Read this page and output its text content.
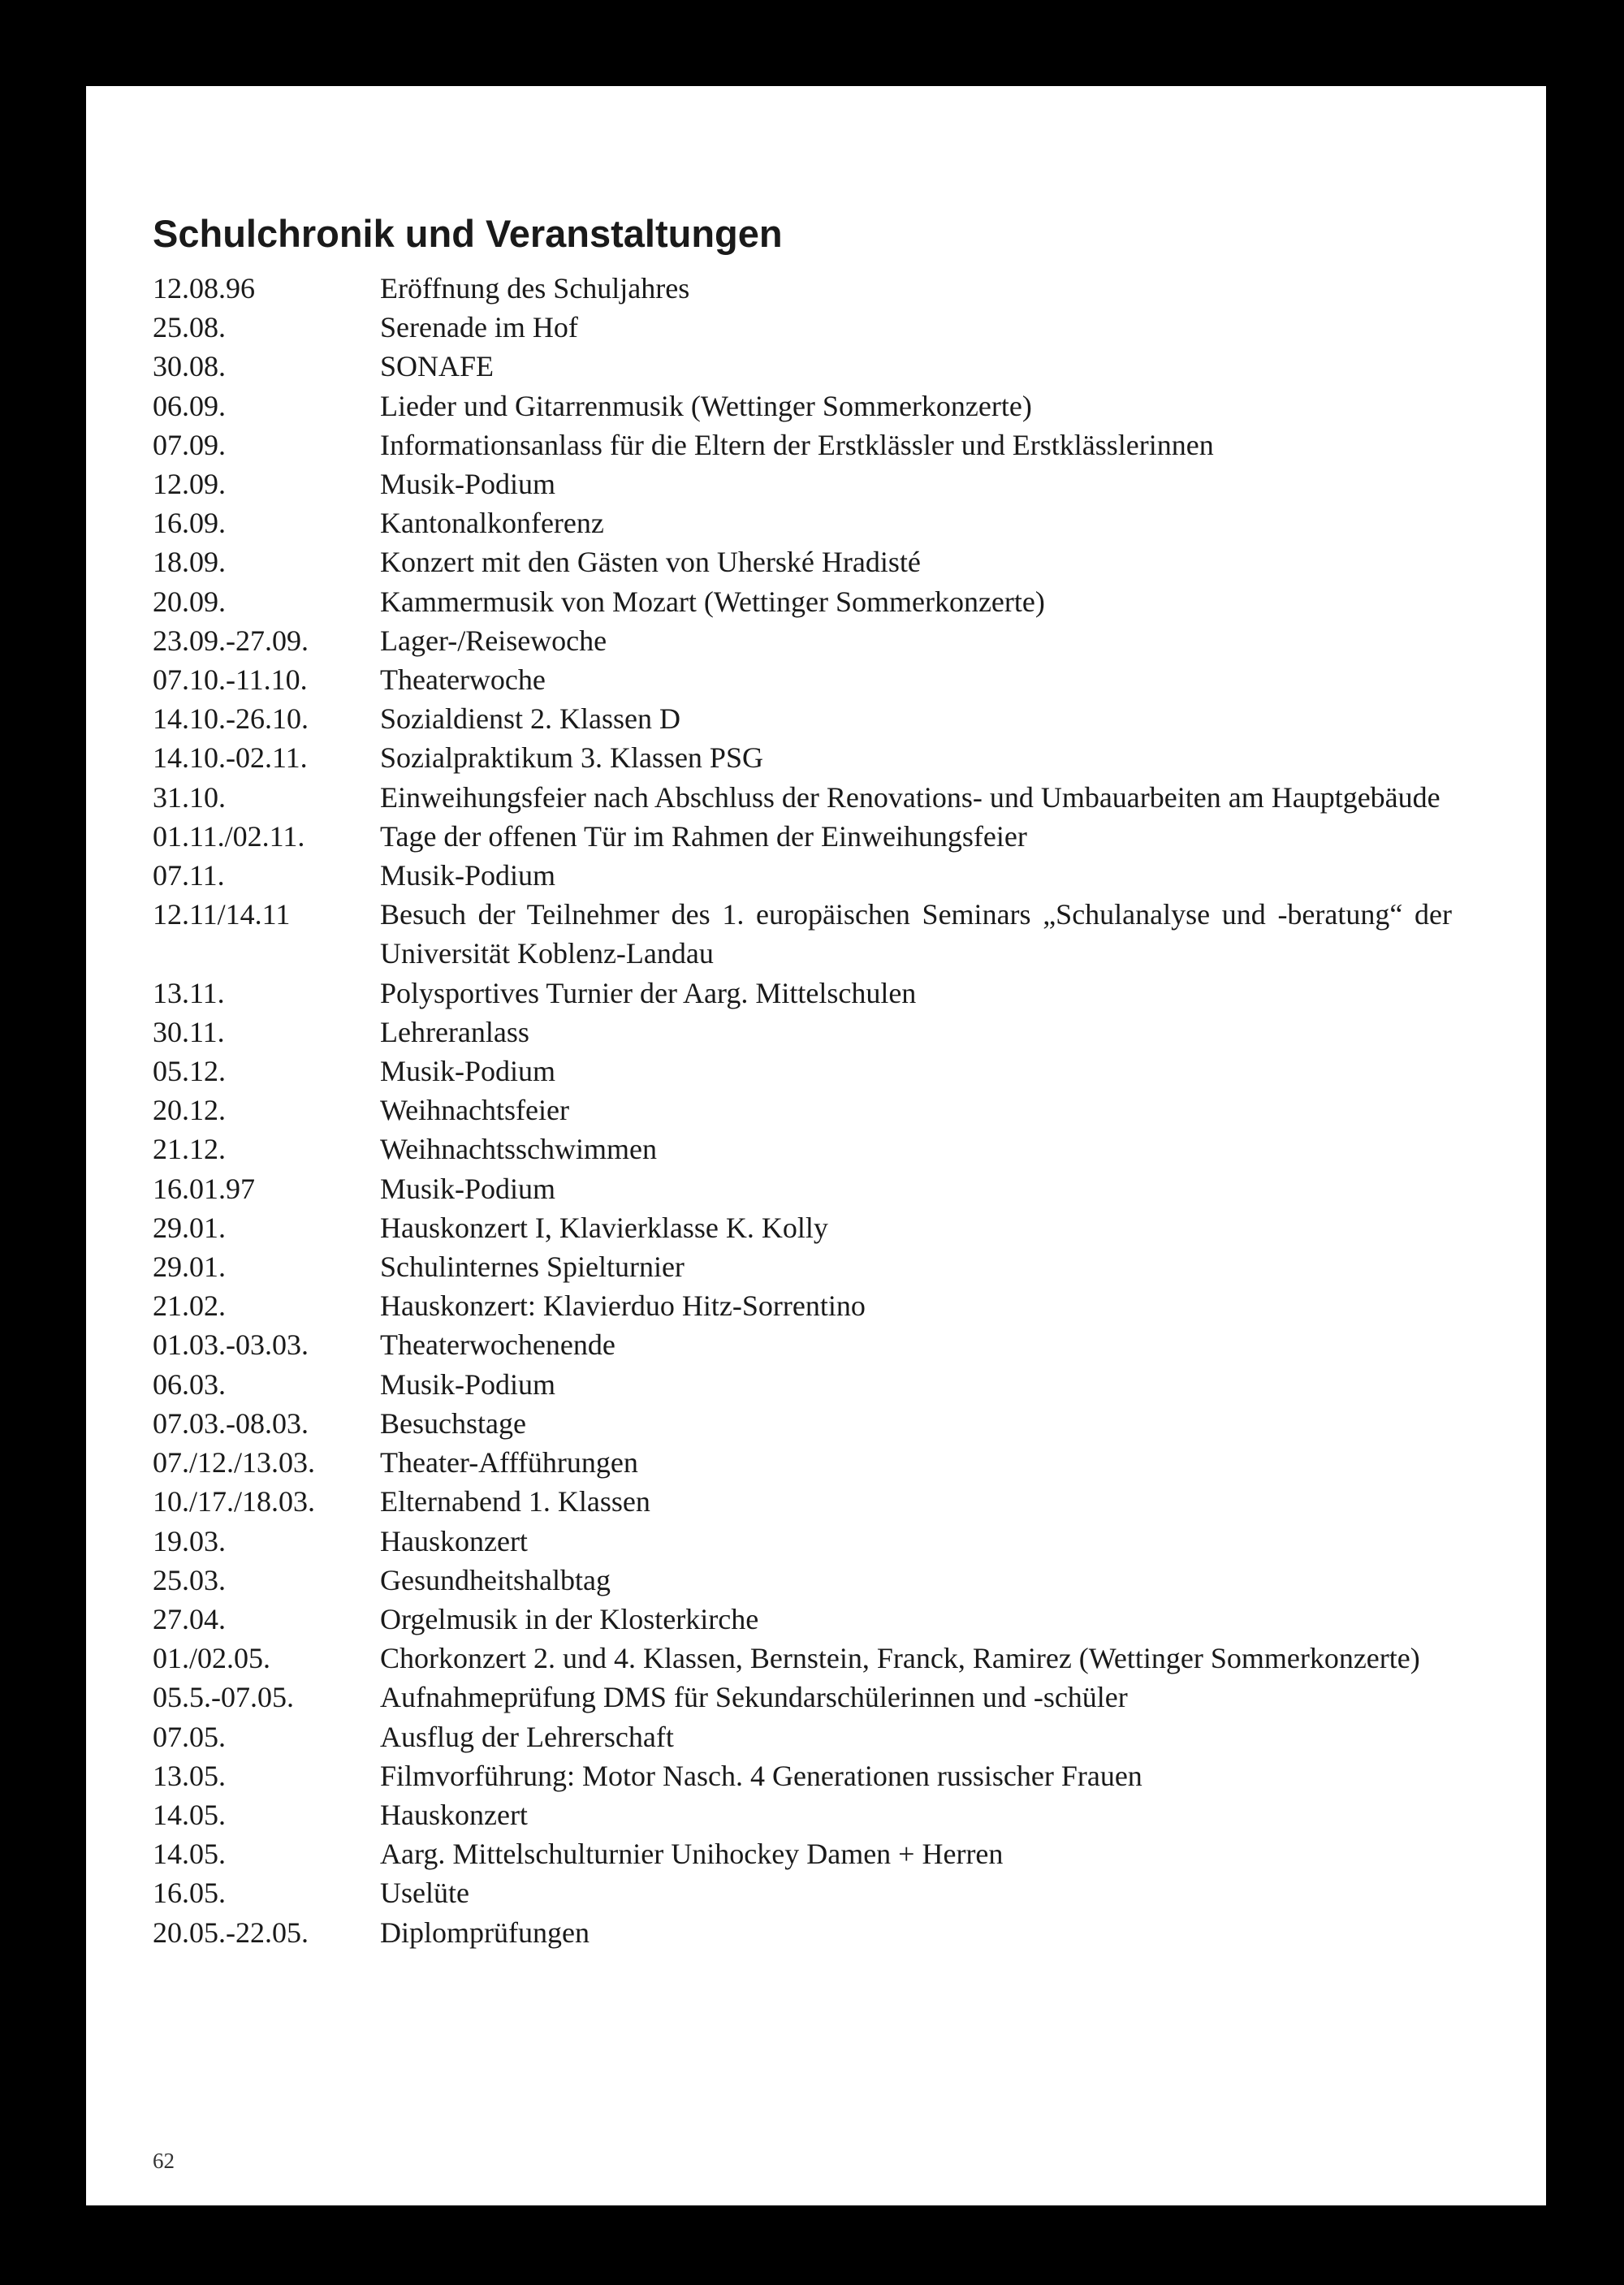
Schulchronik und Veranstaltungen
12.08.96	Eröffnung des Schuljahres
25.08.	Serenade im Hof
30.08.	SONAFE
06.09.	Lieder und Gitarrenmusik (Wettinger Sommerkonzerte)
07.09.	Informationsanlass für die Eltern der Erstklässler und Erstklässlerinnen
12.09.	Musik-Podium
16.09.	Kantonalkonferenz
18.09.	Konzert mit den Gästen von Uherské Hradisté
20.09.	Kammermusik von Mozart (Wettinger Sommerkonzerte)
23.09.-27.09.	Lager-/Reisewoche
07.10.-11.10.	Theaterwoche
14.10.-26.10.	Sozialdienst 2. Klassen D
14.10.-02.11.	Sozialpraktikum 3. Klassen PSG
31.10.	Einweihungsfeier nach Abschluss der Renovations- und Umbauarbeiten am Hauptgebäude
01.11./02.11.	Tage der offenen Tür im Rahmen der Einweihungsfeier
07.11.	Musik-Podium
12.11/14.11	Besuch der Teilnehmer des 1. europäischen Seminars „Schulanalyse und -beratung“ der Universität Koblenz-Landau
13.11.	Polysportives Turnier der Aarg. Mittelschulen
30.11.	Lehreranlass
05.12.	Musik-Podium
20.12.	Weihnachtsfeier
21.12.	Weihnachtsschwimmen
16.01.97	Musik-Podium
29.01.	Hauskonzert I, Klavierklasse K. Kolly
29.01.	Schulinternes Spielturnier
21.02.	Hauskonzert: Klavierduo Hitz-Sorrentino
01.03.-03.03.	Theaterwochenende
06.03.	Musik-Podium
07.03.-08.03.	Besuchstage
07./12./13.03.	Theater-Affführungen
10./17./18.03.	Elternabend 1. Klassen
19.03.	Hauskonzert
25.03.	Gesundheitshalbtag
27.04.	Orgelmusik in der Klosterkirche
01./02.05.	Chorkonzert 2. und 4. Klassen, Bernstein, Franck, Ramirez (Wettinger Sommerkonzerte)
05.5.-07.05.	Aufnahmeprüfung DMS für Sekundarschülerinnen und -schüler
07.05.	Ausflug der Lehrerschaft
13.05.	Filmvorführung: Motor Nasch. 4 Generationen russischer Frauen
14.05.	Hauskonzert
14.05.	Aarg. Mittelschulturnier Unihockey Damen + Herren
16.05.	Uselüte
20.05.-22.05.	Diplomprüfungen
62
